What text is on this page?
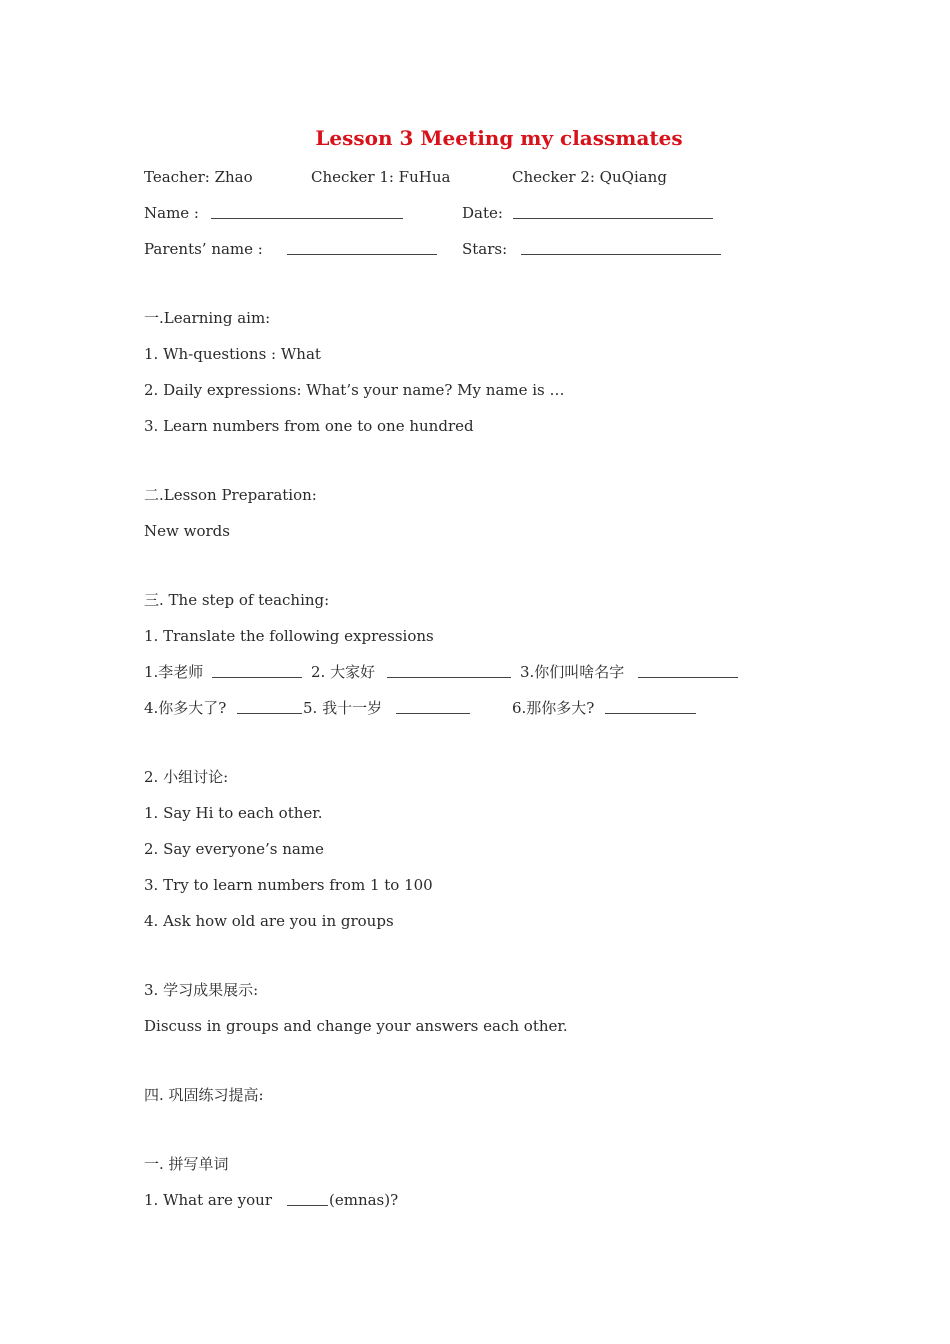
Lesson 3 Meeting my classmates
Teacher: Zhao	Checker 1: FuHua	Checker 2: QuQiang
Name :	Date:
Parents’ name :	Stars:
一.Learning aim:
1. Wh-questions : What
2. Daily expressions: What’s your name? My name is …
3. Learn numbers from one to one hundred
二.Lesson Preparation:
New words
三. The step of teaching:
1. Translate the following expressions
1.李老师	2. 大家好	3.你们叫啥名字
4.你多大了?	5. 我十一岁	6.那你多大?
2. 小组讨论:
1. Say Hi to each other.
2. Say everyone’s name
3. Try to learn numbers from 1 to 100
4. Ask how old are you in groups
3. 学习成果展示:
Discuss in groups and change your answers each other.
四. 巩固练习提高:
一. 拼写单词
1. What are your	(emnas)?
